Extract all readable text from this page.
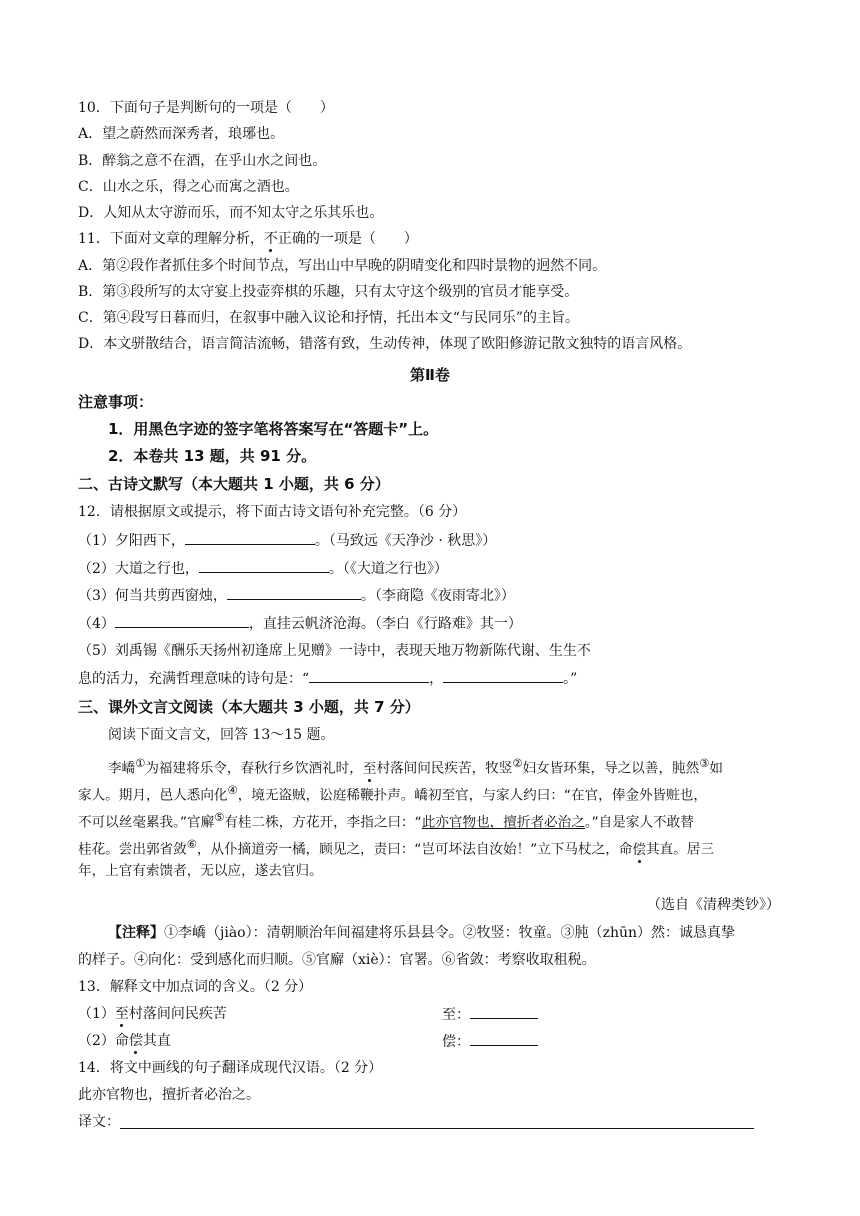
10．下面句子是判断句的一项是（　　）
A．望之蔚然而深秀者，琅琊也。
B．醉翁之意不在酒，在乎山水之间也。
C．山水之乐，得之心而寓之酒也。
D．人知从太守游而乐，而不知太守之乐其乐也。
11．下面对文章的理解分析，不正确的一项是（　　）
A．第②段作者抓住多个时间节点，写出山中早晚的阴晴变化和四时景物的迥然不同。
B．第③段所写的太守宴上投壶弈棋的乐趣，只有太守这个级别的官员才能享受。
C．第④段写日暮而归，在叙事中融入议论和抒情，托出本文“与民同乐”的主旨。
D．本文骈散结合，语言简洁流畅，错落有致，生动传神，体现了欧阳修游记散文独特的语言风格。
第Ⅱ卷
注意事项：
1．用黑色字迹的签字笔将答案写在“答题卡”上。
2．本卷共 13 题，共 91 分。
二、古诗文默写（本大题共 1 小题，共 6 分）
12．请根据原文或提示，将下面古诗文语句补充完整。（6 分）
（1）夕阳西下，	。（马致远《天净沙 · 秋思》）
（2）大道之行也，	。（《大道之行也》）
（3）何当共剪西窗烛，	。（李商隐《夜雨寄北》）
（4）	，直挂云帆济沧海。（李白《行路难》其一）
（5）刘禹锡《酬乐天扬州初逢席上见赠》一诗中，表现天地万物新陈代谢、生生不
息的活力，充满哲理意味的诗句是：“	，	。”
三、课外文言文阅读（本大题共 3 小题，共 7 分）
阅读下面文言文，回答 13～15 题。
李嶠①为福建将乐令，春秋行乡饮酒礼时，至村落间问民疾苦，牧竖②妇女皆环集，导之以善，肫然③如
家人。期月，邑人悉向化④，境无盗贼，讼庭稀鞭扑声。嶠初至官，与家人约曰：“在官，俸金外皆赃也，
不可以丝毫累我。”官廨⑤有桂二株，方花开，李指之曰：“此亦官物也，擅折者必治之。”自是家人不敢替
桂花。尝出郭省敛⑥，从仆摘道旁一橘，顾见之，责曰：“岂可坏法自汝始！”立下马杖之，命偿其直。居三
年，上官有索馈者，无以应，遂去官归。
（选自《清稗类钞》）
【注释】①李嶠（jiào）：清朝顺治年间福建将乐县县令。②牧竖：牧童。③肫（zhūn）然：诚恳真挚
的样子。④向化：受到感化而归顺。⑤官廨（xiè）：官署。⑥省敛：考察收取租税。
13．解释文中加点词的含义。（2 分）
（1）至村落间问民疾苦	至：
（2）命偿其直	偿：
14．将文中画线的句子翻译成现代汉语。（2 分）
此亦官物也，擅折者必治之。
译文：
